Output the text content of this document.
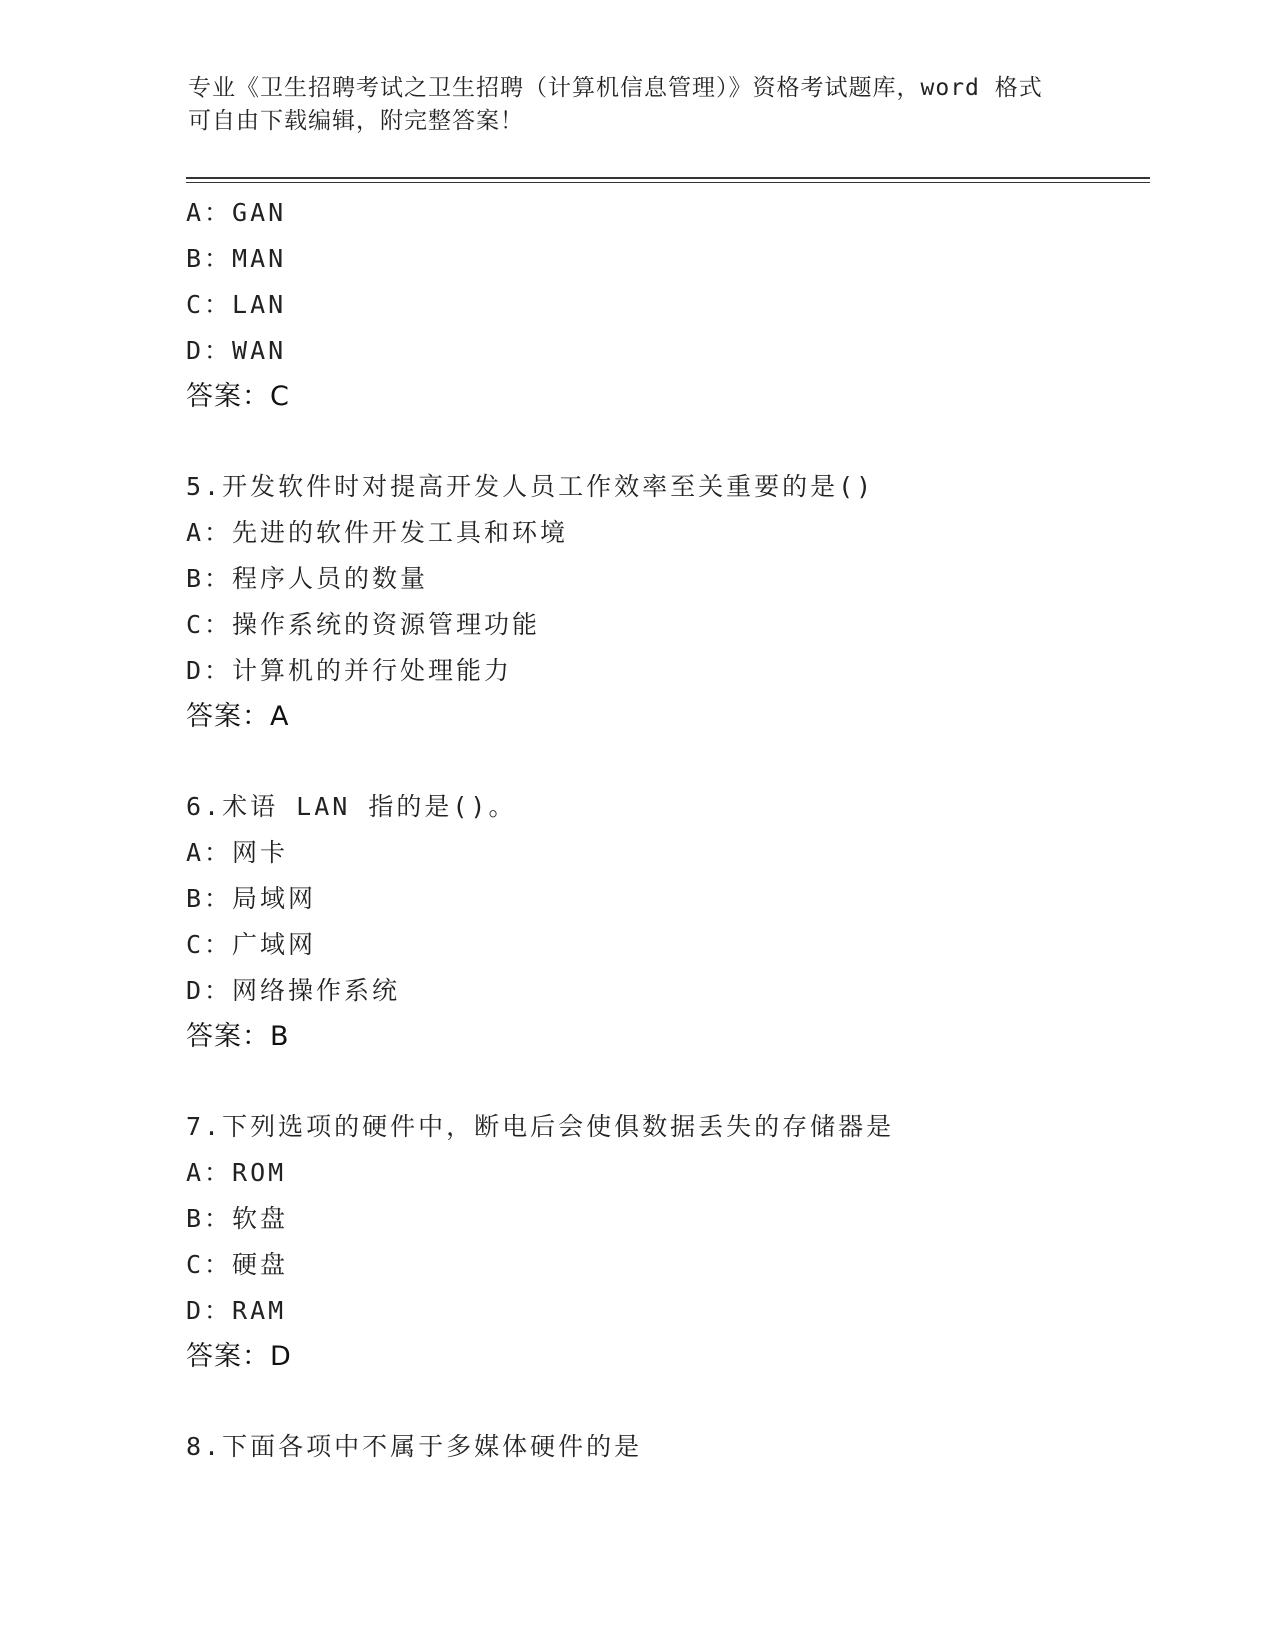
专业《卫生招聘考试之卫生招聘（计算机信息管理）》资格考试题库，word 格式
可自由下载编辑，附完整答案！
A：GAN
B：MAN
C：LAN
D：WAN
答案：C
5.开发软件时对提高开发人员工作效率至关重要的是()
A：先进的软件开发工具和环境
B：程序人员的数量
C：操作系统的资源管理功能
D：计算机的并行处理能力
答案：A
6.术语 LAN 指的是()。
A：网卡
B：局域网
C：广域网
D：网络操作系统
答案：B
7.下列选项的硬件中，断电后会使俱数据丢失的存储器是
A：ROM
B：软盘
C：硬盘
D：RAM
答案：D
8.下面各项中不属于多媒体硬件的是
